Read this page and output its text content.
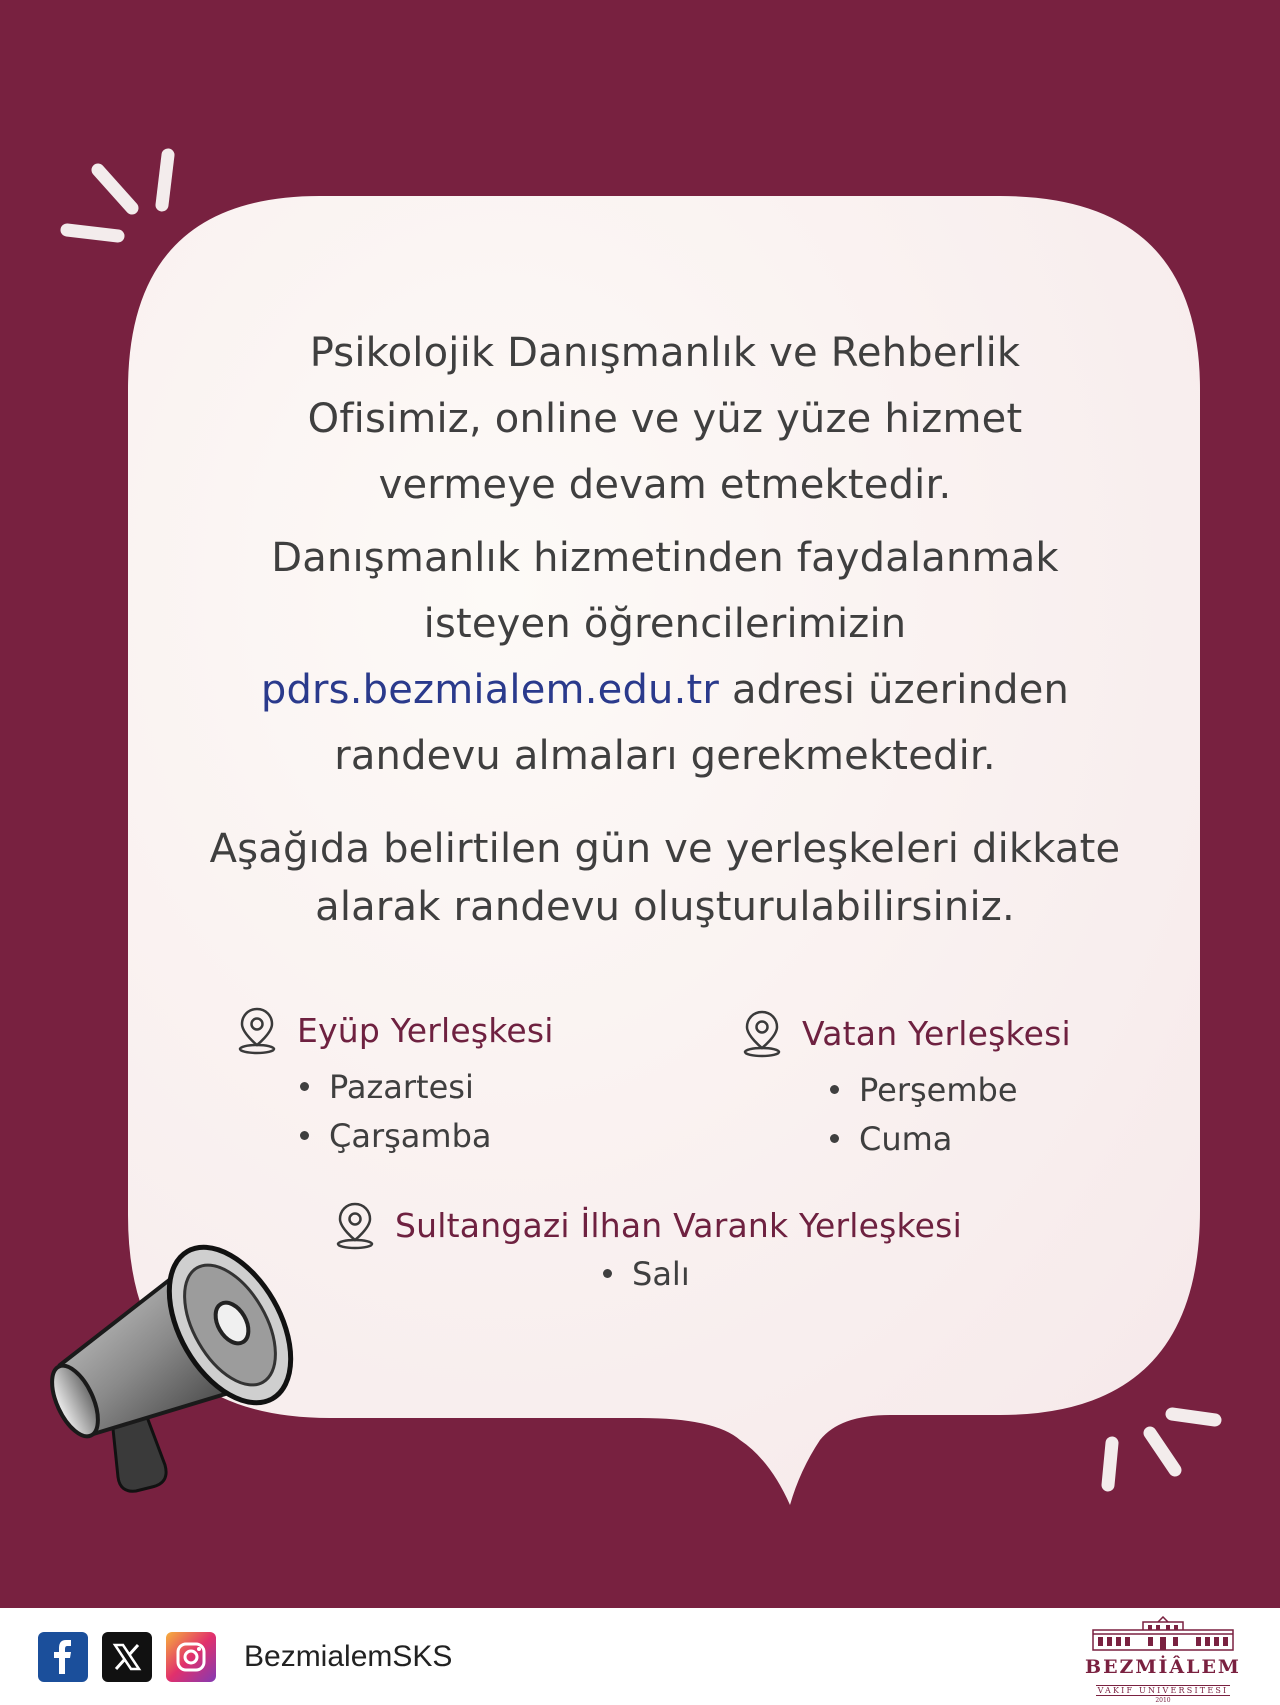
Psikolojik Danışmanlık ve Rehberlik
Ofisimiz, online ve yüz yüze hizmet
vermeye devam etmektedir.

Danışmanlık hizmetinden faydalanmak
isteyen öğrencilerimizin
pdrs.bezmialem.edu.tr adresi üzerinden
randevu almaları gerekmektedir.

Aşağıda belirtilen gün ve yerleşkeleri dikkate
alarak randevu oluşturulabilirsiniz.

Eyüp Yerleşkesi
Pazartesi
Çarşamba
Vatan Yerleşkesi
Perşembe
Cuma
Sultangazi İlhan Varank Yerleşkesi
Salı
BezmialemSKS	BEZMİÂLEM
VAKIF ÜNİVERSİTESİ
2010
